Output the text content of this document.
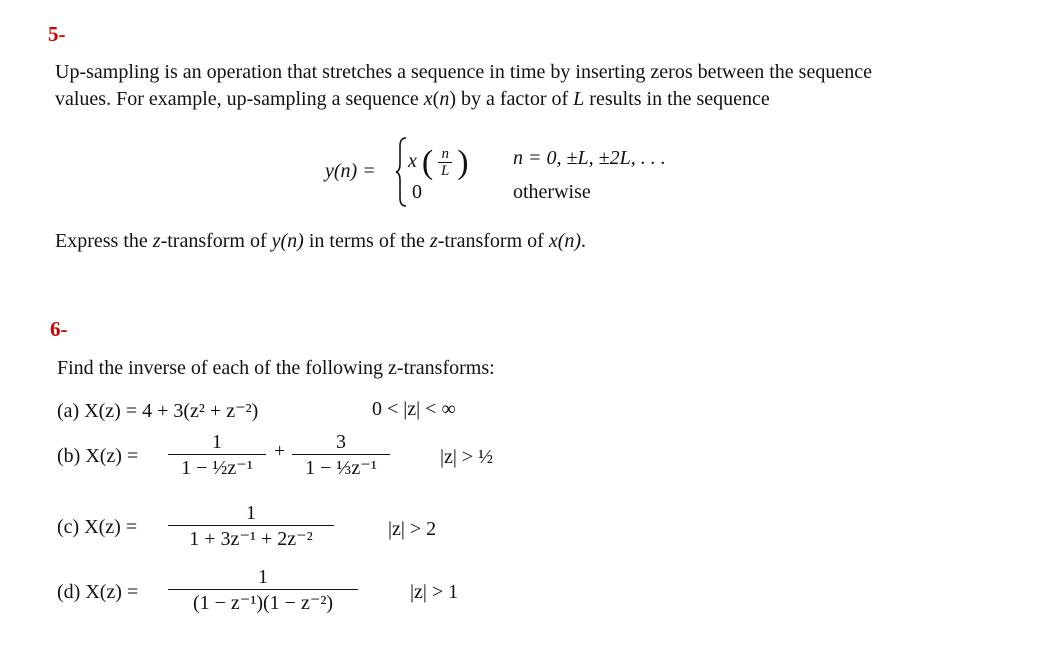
5-
Up-sampling is an operation that stretches a sequence in time by inserting zeros between the sequence
values. For example, up-sampling a sequence x(n) by a factor of L results in the sequence
y(n) = x ( $\frac{n}{L}$ )
0
n = 0, ±L, ±2L, . . .
otherwise
Express the z-transform of y(n) in terms of the z-transform of x(n).
6-
Find the inverse of each of the following z-transforms:
(a) X(z) = 4 + 3(z² + z⁻²)	0 < |z| < ∞
(b) X(z) =
1
1 − ½z⁻¹
+	3
1 − ⅓z⁻¹	|z| > ½
(c) X(z) =
1
1 + 3z⁻¹ + 2z⁻²	|z| > 2
(d) X(z) =
1
(1 − z⁻¹)(1 − z⁻²)	|z| > 1
